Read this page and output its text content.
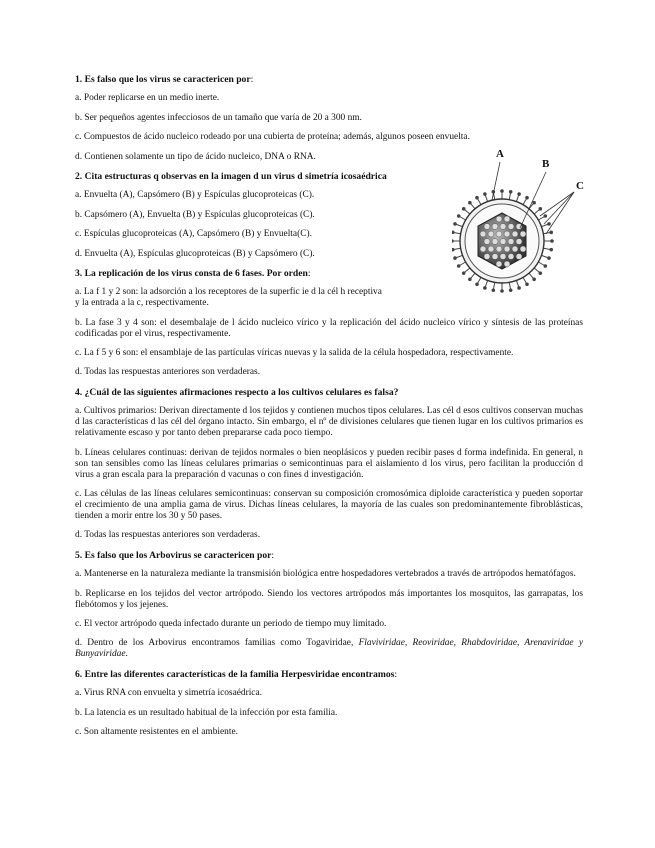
1. Es falso que los virus se caractericen por:

a. Poder replicarse en un medio inerte.

b. Ser pequeños agentes infecciosos de un tamaño que varía de 20 a 300 nm.

c. Compuestos de ácido nucleico rodeado por una cubierta de proteína; además, algunos poseen envuelta.

d. Contienen solamente un tipo de ácido nucleico, DNA o RNA.

2. Cita estructuras q observas en la imagen d un virus d simetría icosaédrica

a. Envuelta (A), Capsómero (B) y Espículas glucoproteicas (C).

b. Capsómero (A), Envuelta (B) y Espículas glucoproteicas (C).

c. Espículas glucoproteicas (A), Capsómero (B) y Envuelta(C).

d. Envuelta (A), Espículas glucoproteicas (B) y Capsómero (C).

3. La replicación de los virus consta de 6 fases. Por orden:

a. La f 1 y 2 son: la adsorción a los receptores de la superfic ie d la cél h receptiva

y la entrada a la c, respectivamente.

b. La fase 3 y 4 son: el desembalaje de l ácido nucleico vírico y la replicación del ácido nucleico vírico y síntesis de las proteínas codificadas por el virus, respectivamente.

c. La f 5 y 6 son: el ensamblaje de las partículas víricas nuevas y la salida de la célula hospedadora, respectivamente.

d. Todas las respuestas anteriores son verdaderas.

4. ¿Cuál de las siguientes afirmaciones respecto a los cultivos celulares es falsa?

a. Cultivos primarios: Derivan directamente d los tejidos y contienen muchos tipos celulares. Las cél d esos cultivos conservan muchas d las características d las cél del órgano intacto. Sin embargo, el nº de divisiones celulares que tienen lugar en los cultivos primarios es relativamente escaso y por tanto deben prepararse cada poco tiempo.

b. Líneas celulares continuas: derivan de tejidos normales o bien neoplásicos y pueden recibir pases d forma indefinida. En general, n son tan sensibles como las líneas celulares primarias o semicontinuas para el aislamiento d los virus, pero facilitan la producción d virus a gran escala para la preparación d vacunas o con fines d investigación.

c. Las células de las líneas celulares semicontinuas: conservan su composición cromosómica diploide característica y pueden soportar el crecimiento de una amplia gama de virus. Dichas líneas celulares, la mayoría de las cuales son predominantemente fibroblásticas, tienden a morir entre los 30 y 50 pases.

d. Todas las respuestas anteriores son verdaderas.

5. Es falso que los Arbovirus se caractericen por:

a. Mantenerse en la naturaleza mediante la transmisión biológica entre hospedadores vertebrados a través de artrópodos hematófagos.

b. Replicarse en los tejidos del vector artrópodo. Siendo los vectores artrópodos más importantes los mosquitos, las garrapatas, los flebótomos y los jejenes.

c. El vector artrópodo queda infectado durante un periodo de tiempo muy limitado.

d. Dentro de los Arbovirus encontramos familias como Togaviridae, Flaviviridae, Reoviridae, Rhabdoviridae, Arenaviridae y Bunyaviridae.

6. Entre las diferentes características de la familia Herpesviridae encontramos:

a. Virus RNA con envuelta y simetría icosaédrica.

b. La latencia es un resultado habitual de la infección por esta familia.

c. Son altamente resistentes en el ambiente.

A
B
C
